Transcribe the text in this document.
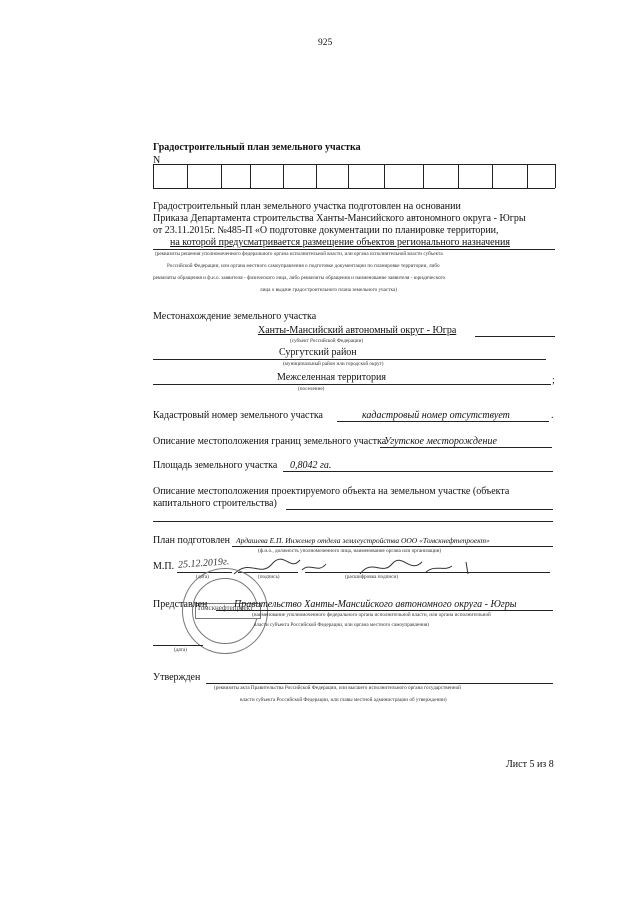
925
Градостроительный план земельного участка
N
Градостроительный план земельного участка подготовлен на основании
Приказа Департамента строительства Ханты-Мансийского автономного округа - Югры
от 23.11.2015г. №485-П «О подготовке документации по планировке территории,
на которой предусматривается размещение объектов регионального назначения
(реквизиты решения уполномоченного федерального органа исполнительной власти, или органа исполнительной власти субъекта
Российской Федерации, или органа местного самоуправления о подготовке документации по планировке территории, либо
реквизиты обращения и ф.и.о. заявителя - физического лица, либо реквизиты обращения и наименование заявителя - юридического
лица о выдаче градостроительного плана земельного участка)
Местонахождение земельного участка
Ханты-Мансийский автономный округ - Югра
(субъект Российской Федерации)
Сургутский район
(муниципальный район или городской округ)
Межселенная территория	;
(поселение)
Кадастровый номер земельного участка	кадастровый номер отсутствует	.
Описание местоположения границ земельного участка
Угутское месторождение
Площадь земельного участка 0,8042 га.
Описание местоположения проектируемого объекта на земельном участке (объекта
капитального строительства)
План подготовлен Ардашева Е.П. Инженер отдела землеустройства ООО «Томскнефтепроект»
(ф.и.о., должность уполномоченного лица, наименование органа или организации)
М.П. 25.12.2019г.
(дата)	(подпись)	(расшифровка подписи)
Томскнефтепроект
Представлен	Правительство Ханты-Мансийского автономного округа - Югры
(наименование уполномоченного федерального органа исполнительной власти, или органа исполнительной
власти субъекта Российской Федерации, или органа местного самоуправления)
(дата)
Утвержден
(реквизиты акта Правительства Российской Федерации, или высшего исполнительного органа государственной
власти субъекта Российской Федерации, или главы местной администрации об утверждении)
Лист 5 из 8
